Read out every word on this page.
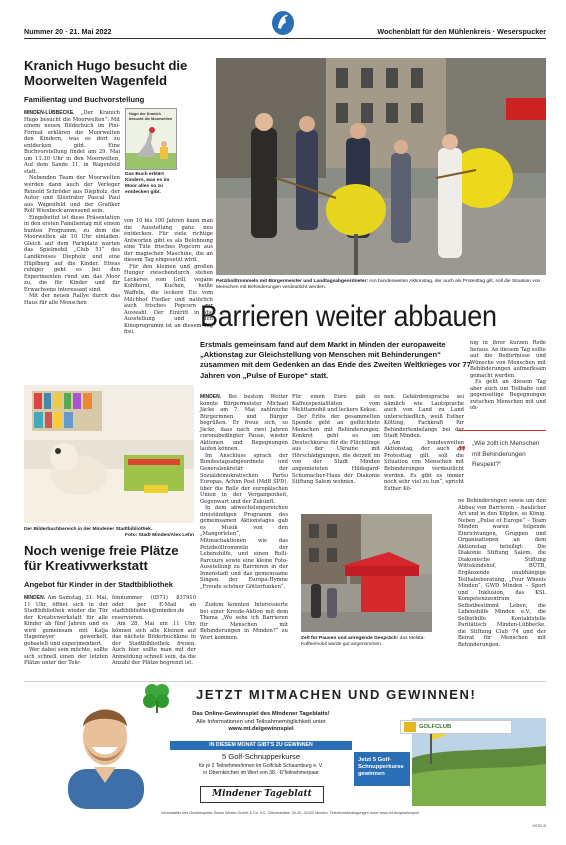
Nummer 20 · 21. Mai 2022	Wochenblatt für den Mühlenkreis · Weserspucker
Kranich Hugo besucht die
Moorwelten Wagenfeld
Familientag und Buchvorstellung

MINDEN-LÜBBECKE. „Der Kranich Hugo besucht die Moorwelten“: Mit einem neuen Bilderbuch im Pixi-Format erklären die Moorwelten den Kindern, was es dort zu entdecken gibt. Eine Buchvorstellung findet am 29. Mai um 11.30 Uhr in den Moorwelten, Auf dem Sande 11, in Wagenfeld statt.

Nebenden Team der Moorwelten werden dann auch der Verleger Reinold Schröder aus Diepholz, der Autor und Illustrator Pascal Paul aus Wagenfeld und der Grafiker Rolf Wienbeck anwesend sein.

Eingebettet ist diese Präsentation in den ersten Familientag mit einem bunten Programm, zu dem die Moorwelten ab 10 Uhr einladen. Gleich auf dem Parkplatz warten das Spielmobil „Club 51“ des Landkreises Diepholz und eine Hüpfburg auf die Kinder. Etwas ruhiger geht es bei den Experimenten rund um das Moor zu, die für Kinder und für Erwachsene interessant sind.

Mit der neuen Rallye durch das Haus für alle Menschen

Hugo der Kranich besucht die Moorwelten
Das Buch erklärt Kindern, was es im Moor alles so zu entdecken gibt.

von 10 bis 100 Jahren kann man die Ausstellung ganz neu entdecken. Für viele richtige Antworten gibt es als Belohnung eine Tüte frisches Popcorn aus der magischen Maschine, die an diesem Tag eingesetzt wird.

Für den kleinen und großen Hunger zwischendurch stehen Leckeres vom Grill, vegane Kohlhorst, Kuchen, heiße Waffeln, die leckere Eis vom Milchhof Fiedler und natürlich auch frisches Popcorn zur Auswahl. Der Eintritt in die Ausstellung und den Kinoprogramm ist an diesem Tag frei.

Petzibolltrommeln mit Bürgermeister und Landtagsabgeordneter: Am bundesweiten Aktionstag, der auch als Protesttag gilt, soll die Situation von Menschen mit Behinderungen verdeutlicht werden.
Barrieren weiter abbauen
Erstmals gemeinsam fand auf dem Markt in Minden der europaweite „Aktionstag zur Gleichstellung von Menschen mit Behinderungen“ zusammen mit dem Gedenken an das Ende des Zweiten Weltkrieges vor 77 Jahren von „Pulse of Europe“ statt.

MINDEN. Bei bestem Wetter konnte Bürgermeister Michael Jäcke am 7. Mai zahlreiche Bürgerinnen und Bürger begrüßen. Er freue sich, so Jäcke, dass nach zwei Jahren coronabedingter Pause, wieder Aktionen und Begegnungen laufen können.

Im Anschluss sprach der Bundestagsabgeordnete und Generalsekretär der Sozialdemokratischen Partei Europas, Achim Post (MdB SPD), über die Rolle der europäischen Union in der Vergangenheit, Gegenwart und der Zukunft.

In dem abwechslungsreichen dreistündigen Programm des gemeinsamen Aktionstages gab es Musik von den „Mangoristen“, Mitmachaktionen wie das Petzibolltrommeln der Lebenshilfe, und einen Rolli-Parcours sowie eine kleine Foto-Ausstellung zu Barrieren in der Innenstadt und das gemeinsame Singen der Europa-Hymne „Freude schöner Götterfunken“.

Für einen Euro gab es Kaffeespezialitäten vom Melittamobil und leckere Kekse.

Der Erlös der gesammelten Spende geht an geflüchtete Menschen mit Behinderungen. Konkret geht es um Deutschkurse für die Flüchtlinge aus der Ukraine mit Hörschädigungen, die derzeit im von der Stadt Minden angemieteten Hildegard-Schumacher-Haus der Diakonie Stiftung Salem wohnen.

Zelt für Pausen und anregende Gespräch: das Melitta-Kaffeemobil wurde gut angenommen.

nen. Gebärdensprache sei nämlich wie Lautsprache auch von Land zu Land unterschiedlich, weiß Esther Kötting, Fachkraft für Behindertenbelange bei der Stadt Minden.

„Am bundesweiten Aktionstag, der auch als Protesttag gilt, soll die Situation von Menschen mit Behinderungen verdeutlicht werden. Es gibt es immer noch sehr viel zu tun“, spricht Esther Kö-

nig in ihrer kurzen Rede heraus. An diesem Tag sollte auf die Bedürfnisse und Wünsche von Menschen mit Behinderungen aufmerksam gemacht werden.

Es geht an diesem Tag aber auch um Teilhabe und gegenseitige Begegnungen zwischen Menschen mit und oh-

„ „Wie zollt ich Menschen mit Behinderungen Respekt?“

ne Behinderungen sowie um den Abbau von Barrieren – baulicher Art und in den Köpfen, so König. Neben „Pulse of Europe“ – Team Minden waren folgende Einrichtungen, Gruppen und Organisationen an dem Aktionstag beteiligt: Die Diakonie Stiftung Salem, die Diakonische Stiftung Wittekindshof, BÜTB, Ergänzende unabhängige Teilhabeberatung, „Four Wheels Minden“, GWD Minden – Sport und Inklusion, das KSL Kompetenzzentrum Selbstbestimmt Leben, die Lebenshilfe Minden e.V., die Selbsthilfe Kontaktstelle Paritätisch Minden-Lübbecke, die Stiftung Club 74 und der Beirat für Menschen mit Behinderungen.

Zudem konnten Interessierte bei einer Kreide-Aktion mit dem Thema „Wo sehe ich Barrieren für Menschen mit Behinderungen in Minden?“ zu Wort kommen.

Der Bilderbuchbereich in der Mindener Stadtbibliothek.
Foto: Stadt Minden/Alex Lehn
Noch wenige freie Plätze
für Kreativwerkstatt
Angebot für Kinder in der Stadtbibliothek

MINDEN. Am Samstag, 31. Mai, 11 Uhr, öffnet sich in der Stadtbibliothek wieder die Tür der Kreativwerkstatt für alle Kinder ab fünf Jahren und es wird gemeinsam mit Katja Hagemeyer gewerkelt, gebastelt und experimentiert.

Wer dabei sein möchte, sollte sich schnell einen der letzten Plätze unter der Tele-

fonnummer (0571) 837910 oder per E-Mail an stadtbibliothek@minden.de reservieren.

Am 28. Mai um 11 Uhr, können sich alle Kleinen auf das nächste Bilderbuchkino in der Stadtbibliothek freuen. Auch hier sollte man mit der Anmeldung schnell sein, da die Anzahl der Plätze begrenzt ist.

JETZT MITMACHEN UND GEWINNEN!
Das Online-Gewinnspiel des Mindener Tageblatts!
Alle Informationen und Teilnahmemöglichkeit unter
www.mt.de/gewinnspiel
IN DIESEM MONAT GIBT'S ZU GEWINNEN
5 Golf-Schnupperkurse
für je 2 Teilnehmer/innen im Golfclub Schaumburg e. V.
in Obernkirchen im Wert von 38,- €/Teilnehmerpaar
Mindener Tageblatt
Jetzt 5 Golf-
Schnupperkurse
gewinnen
GOLFCLUB
Veranstalter des Gewinnspiels: Bruns Werbe-GmbH & Co. KG, Obermarktstr. 26-30, 32423 Minden. Teilnahmebedingungen unter www.mt.de/gewinnspiel
MT82-B
